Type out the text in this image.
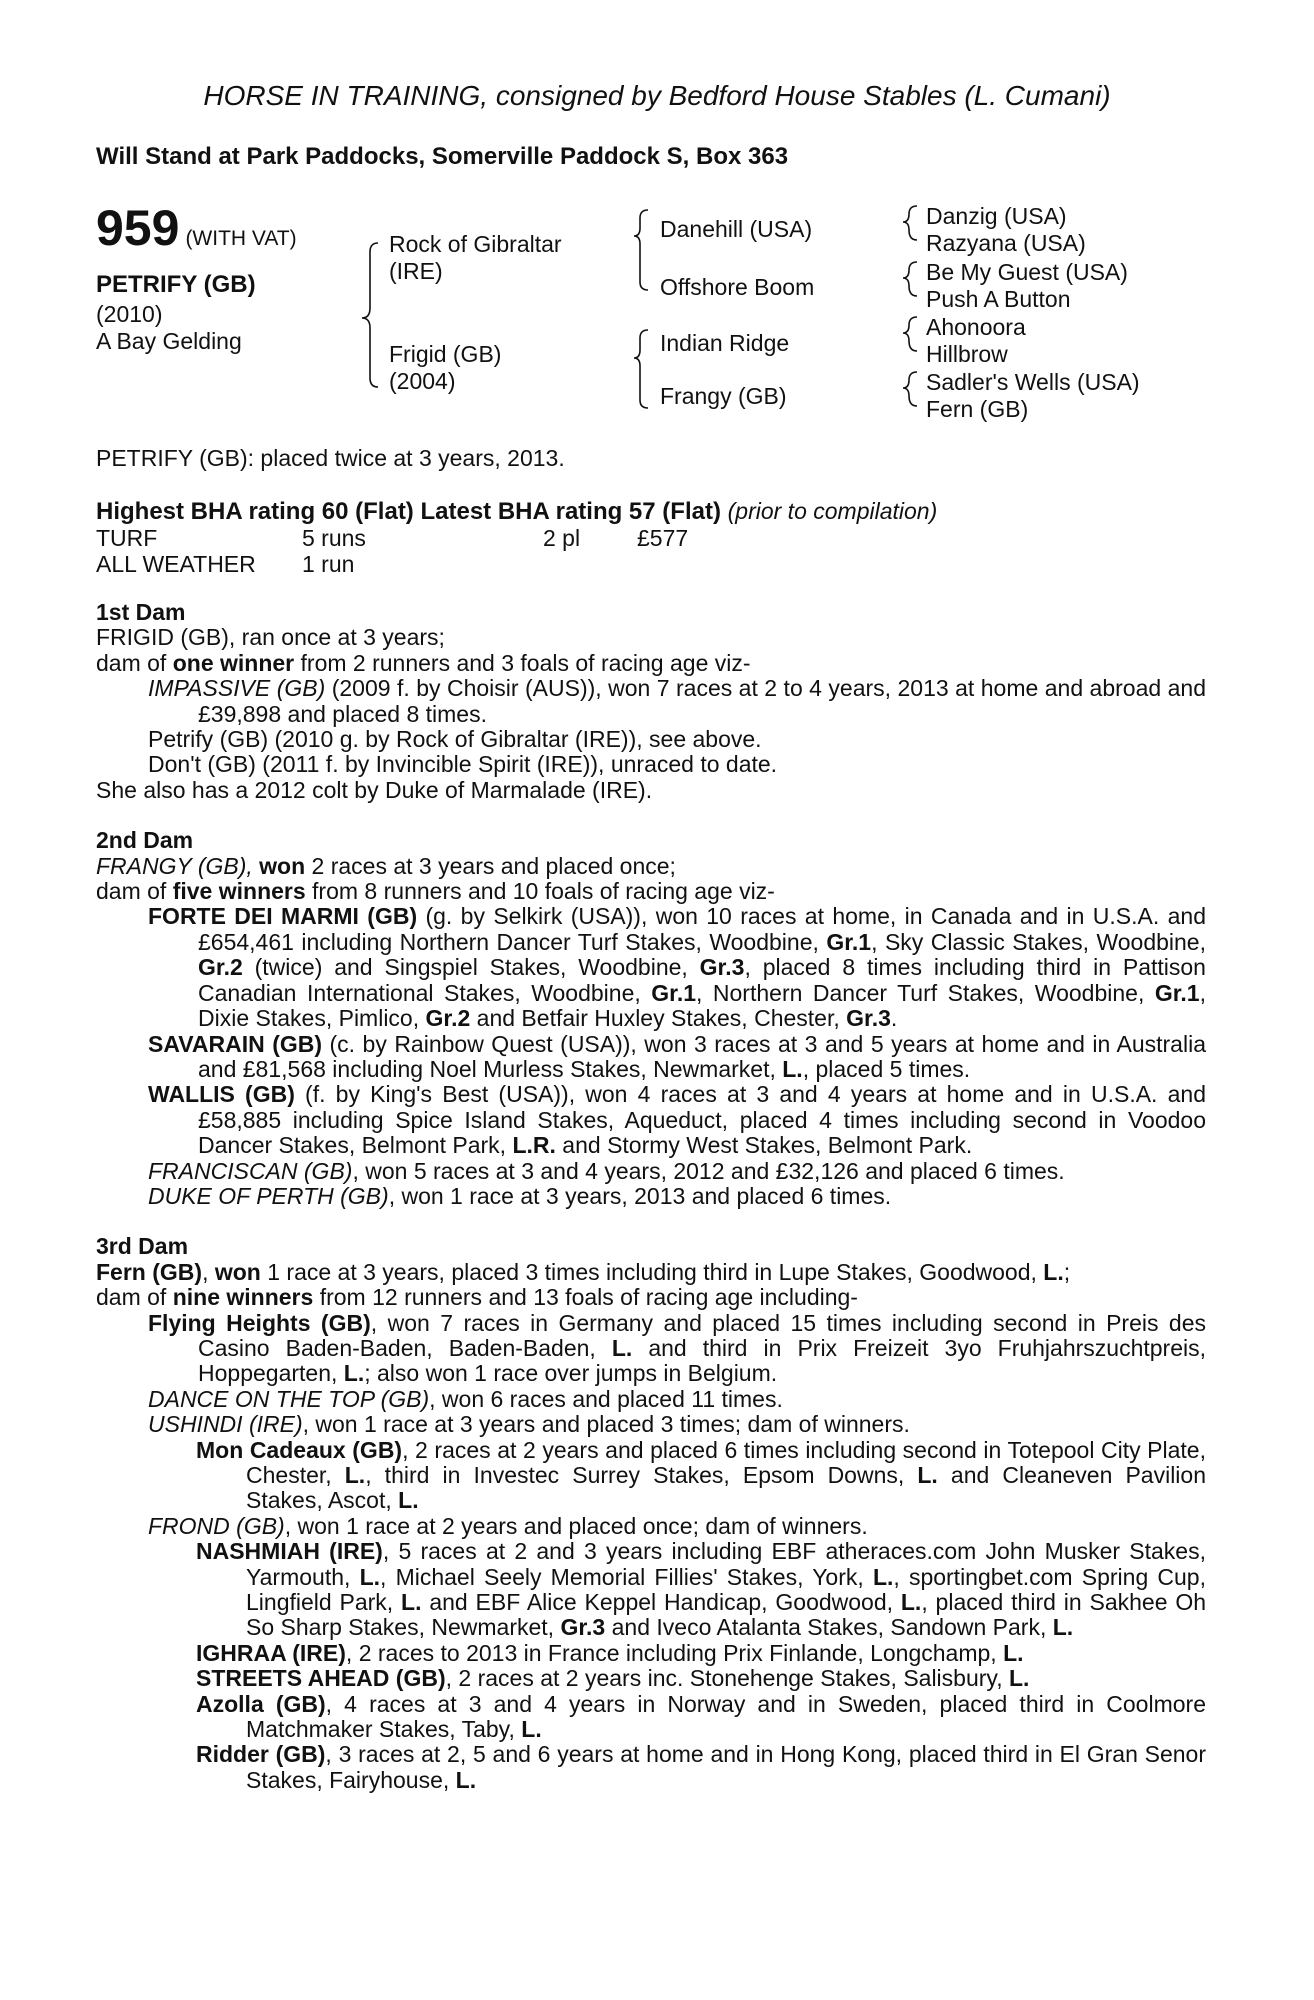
HORSE IN TRAINING, consigned by Bedford House Stables (L. Cumani)
Will Stand at Park Paddocks, Somerville Paddock S, Box 363
959 (WITH VAT)
PETRIFY (GB)
(2010)
A Bay Gelding
Rock of Gibraltar
(IRE)
Frigid (GB)
(2004)
Danehill (USA)
Offshore Boom
Indian Ridge
Frangy (GB)
Danzig (USA)
Razyana (USA)
Be My Guest (USA)
Push A Button
Ahonoora
Hillbrow
Sadler's Wells (USA)
Fern (GB)
PETRIFY (GB): placed twice at 3 years, 2013.
Highest BHA rating 60 (Flat) Latest BHA rating 57 (Flat) (prior to compilation)
TURF	5 runs	2 pl £577
ALL WEATHER 1 run

1st Dam

FRIGID (GB), ran once at 3 years;

dam of one winner from 2 runners and 3 foals of racing age viz-

IMPASSIVE (GB) (2009 f. by Choisir (AUS)), won 7 races at 2 to 4 years, 2013 at home and abroad and £39,898 and placed 8 times.

Petrify (GB) (2010 g. by Rock of Gibraltar (IRE)), see above.

Don't (GB) (2011 f. by Invincible Spirit (IRE)), unraced to date.

She also has a 2012 colt by Duke of Marmalade (IRE).

2nd Dam

FRANGY (GB), won 2 races at 3 years and placed once;

dam of five winners from 8 runners and 10 foals of racing age viz-

FORTE DEI MARMI (GB) (g. by Selkirk (USA)), won 10 races at home, in Canada and in U.S.A. and £654,461 including Northern Dancer Turf Stakes, Woodbine, Gr.1, Sky Classic Stakes, Woodbine, Gr.2 (twice) and Singspiel Stakes, Woodbine, Gr.3, placed 8 times including third in Pattison Canadian International Stakes, Woodbine, Gr.1, Northern Dancer Turf Stakes, Woodbine, Gr.1, Dixie Stakes, Pimlico, Gr.2 and Betfair Huxley Stakes, Chester, Gr.3.

SAVARAIN (GB) (c. by Rainbow Quest (USA)), won 3 races at 3 and 5 years at home and in Australia and £81,568 including Noel Murless Stakes, Newmarket, L., placed 5 times.

WALLIS (GB) (f. by King's Best (USA)), won 4 races at 3 and 4 years at home and in U.S.A. and £58,885 including Spice Island Stakes, Aqueduct, placed 4 times including second in Voodoo Dancer Stakes, Belmont Park, L.R. and Stormy West Stakes, Belmont Park.

FRANCISCAN (GB), won 5 races at 3 and 4 years, 2012 and £32,126 and placed 6 times.

DUKE OF PERTH (GB), won 1 race at 3 years, 2013 and placed 6 times.

3rd Dam

Fern (GB), won 1 race at 3 years, placed 3 times including third in Lupe Stakes, Goodwood, L.;

dam of nine winners from 12 runners and 13 foals of racing age including-

Flying Heights (GB), won 7 races in Germany and placed 15 times including second in Preis des Casino Baden-Baden, Baden-Baden, L. and third in Prix Freizeit 3yo Fruhjahrszuchtpreis, Hoppegarten, L.; also won 1 race over jumps in Belgium.

DANCE ON THE TOP (GB), won 6 races and placed 11 times.

USHINDI (IRE), won 1 race at 3 years and placed 3 times; dam of winners.

Mon Cadeaux (GB), 2 races at 2 years and placed 6 times including second in Totepool City Plate, Chester, L., third in Investec Surrey Stakes, Epsom Downs, L. and Cleaneven Pavilion Stakes, Ascot, L.

FROND (GB), won 1 race at 2 years and placed once; dam of winners.

NASHMIAH (IRE), 5 races at 2 and 3 years including EBF atheraces.com John Musker Stakes, Yarmouth, L., Michael Seely Memorial Fillies' Stakes, York, L., sportingbet.com Spring Cup, Lingfield Park, L. and EBF Alice Keppel Handicap, Goodwood, L., placed third in Sakhee Oh So Sharp Stakes, Newmarket, Gr.3 and Iveco Atalanta Stakes, Sandown Park, L.

IGHRAA (IRE), 2 races to 2013 in France including Prix Finlande, Longchamp, L.

STREETS AHEAD (GB), 2 races at 2 years inc. Stonehenge Stakes, Salisbury, L.

Azolla (GB), 4 races at 3 and 4 years in Norway and in Sweden, placed third in Coolmore Matchmaker Stakes, Taby, L.

Ridder (GB), 3 races at 2, 5 and 6 years at home and in Hong Kong, placed third in El Gran Senor Stakes, Fairyhouse, L.
